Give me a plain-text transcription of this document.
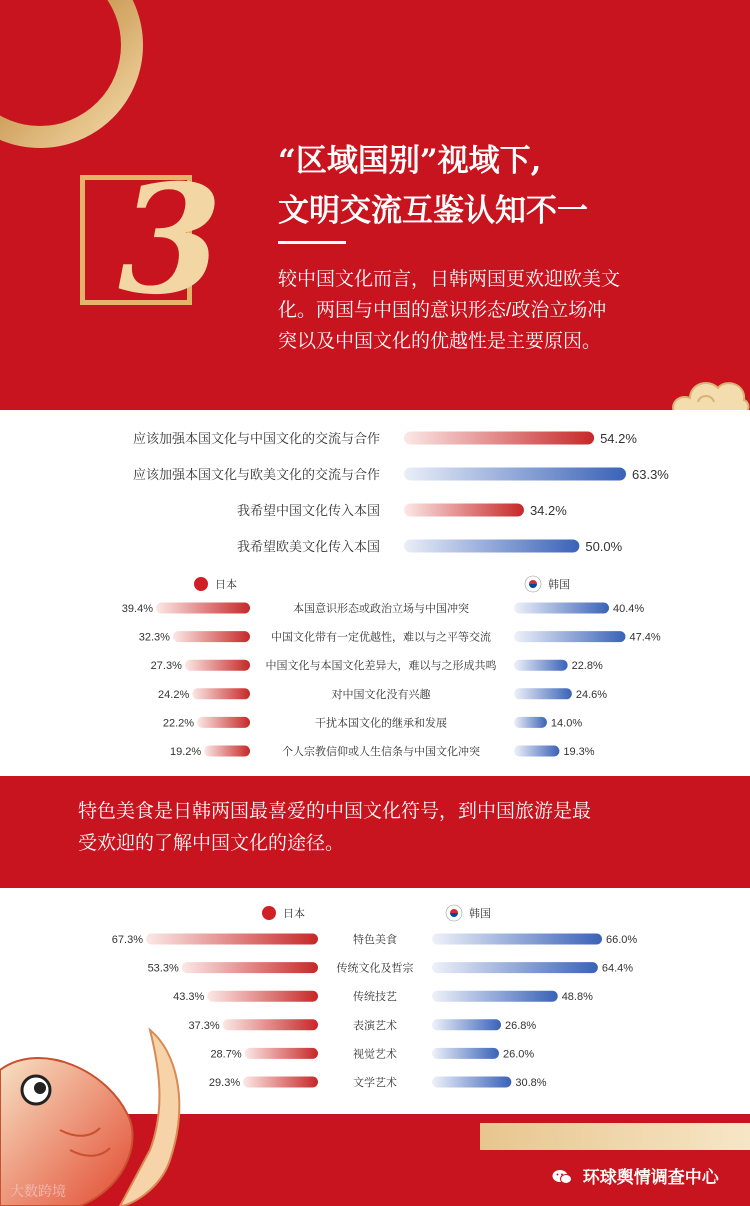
3 “区域国别”视域下,
文明交流互鉴认知不一
较中国文化而言，日韩两国更欢迎欧美文
化。两国与中国的意识形态/政治立场冲
突以及中国文化的优越性是主要原因。
应该加强本国文化与中国文化的交流与合作	54.2%
应该加强本国文化与欧美文化的交流与合作	63.3%
我希望中国文化传入本国	34.2%
我希望欧美文化传入本国	50.0%
日本	韩国
39.4%	本国意识形态或政治立场与中国冲突	40.4%
32.3%	中国文化带有一定优越性，难以与之平等交流	47.4%
27.3%	中国文化与本国文化差异大，难以与之形成共鸣	22.8%
24.2%	对中国文化没有兴趣	24.6%
22.2%	干扰本国文化的继承和发展	14.0%
19.2%	个人宗教信仰或人生信条与中国文化冲突	19.3%
特色美食是日韩两国最喜爱的中国文化符号，到中国旅游是最
受欢迎的了解中国文化的途径。
日本	韩国
67.3%	特色美食	66.0%
53.3%	传统文化及哲宗	64.4%
43.3%	传统技艺	48.8%
37.3%	表演艺术	26.8%
28.7%	视觉艺术	26.0%
29.3%	文学艺术	30.8%
环球舆情调查中心
大数跨境
